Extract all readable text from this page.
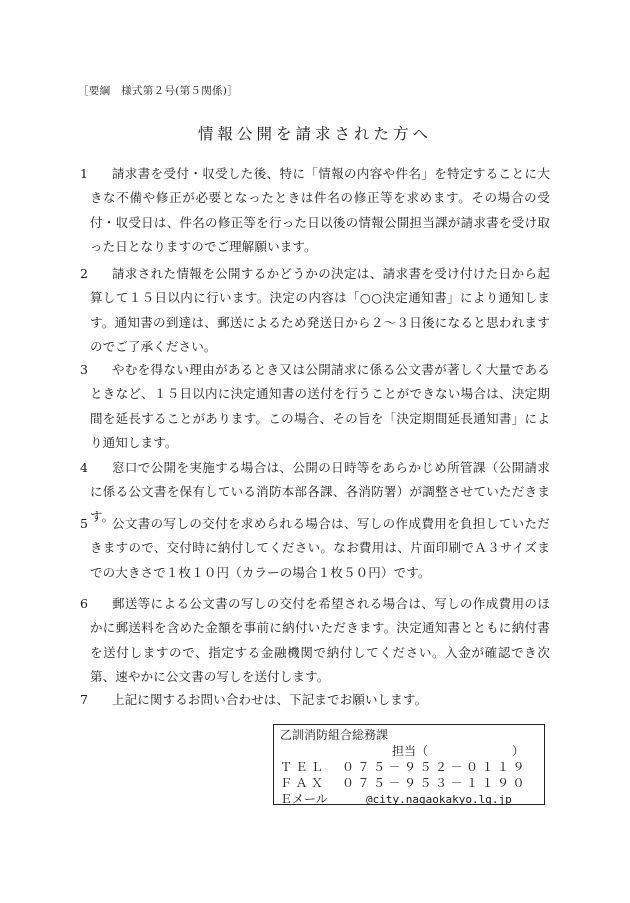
［要綱　様式第２号(第５関係)］
情報公開を請求された方へ
1	請求書を受付・収受した後、特に「情報の内容や件名」を特定することに大きな不備や修正が必要となったときは件名の修正等を求めます。その場合の受付・収受日は、件名の修正等を行った日以後の情報公開担当課が請求書を受け取った日となりますのでご理解願います。
2	請求された情報を公開するかどうかの決定は、請求書を受け付けた日から起算して１５日以内に行います。決定の内容は「○○決定通知書」により通知します。通知書の到達は、郵送によるため発送日から２～３日後になると思われますのでご了承ください。
3	やむを得ない理由があるとき又は公開請求に係る公文書が著しく大量であるときなど、１５日以内に決定通知書の送付を行うことができない場合は、決定期間を延長することがあります。この場合、その旨を「決定期間延長通知書」により通知します。
4	窓口で公開を実施する場合は、公開の日時等をあらかじめ所管課（公開請求に係る公文書を保有している消防本部各課、各消防署）が調整させていただきます。
5	公文書の写しの交付を求められる場合は、写しの作成費用を負担していただきますので、交付時に納付してください。なお費用は、片面印刷でＡ３サイズまでの大きさで１枚１０円（カラーの場合１枚５０円）です。
6	郵送等による公文書の写しの交付を希望される場合は、写しの作成費用のほかに郵送料を含めた金額を事前に納付いただきます。決定通知書とともに納付書を送付しますので、指定する金融機関で納付してください。入金が確認でき次第、速やかに公文書の写しを送付します。
7	上記に関するお問い合わせは、下記までお願いします。
乙訓消防組合総務課
担当（	）
ＴＥＬ　 ０７５－９５２－０１１９
ＦＡＸ　 ０７５－９５３－１１９０
Ｅメール	@city.nagaokakyo.lg.jp
